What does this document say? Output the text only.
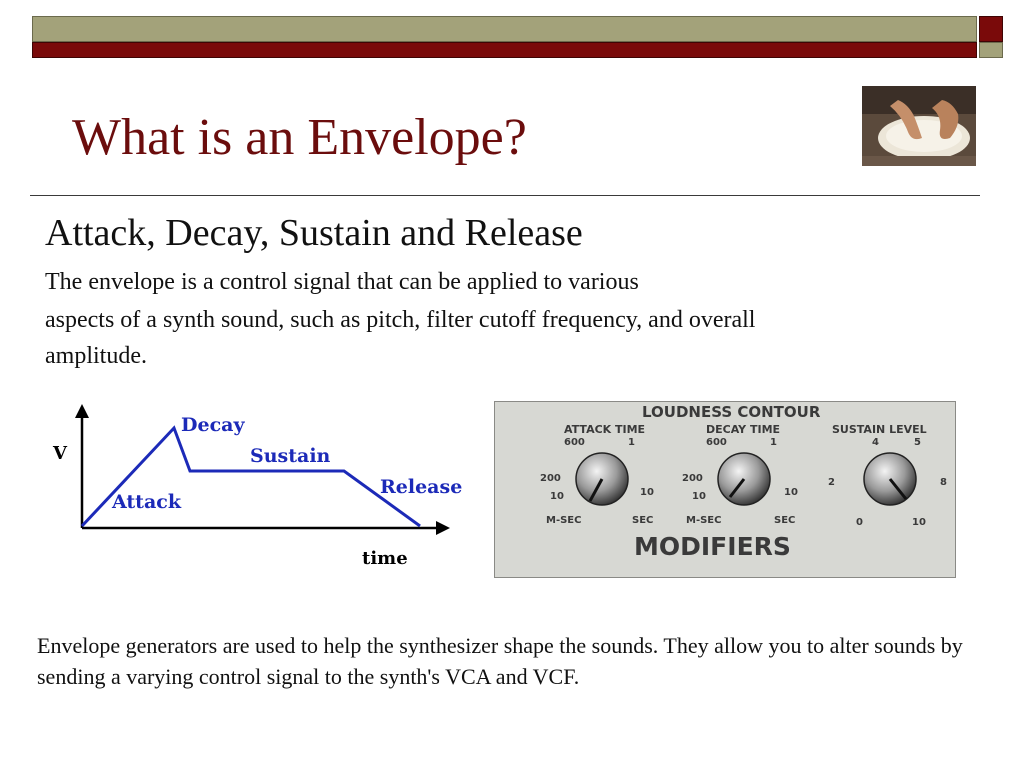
What is an Envelope?
Attack, Decay, Sustain and Release
The envelope is a control signal that can be applied to various
aspects of a synth sound, such as pitch, filter cutoff frequency, and overall
amplitude.
V
time
Attack
Decay
Sustain
Release
LOUDNESS CONTOUR
MODIFIERS
ATTACK TIME
600
200
10
1
10
M-SEC	SEC
DECAY TIME
600
200
10
1
10
M-SEC	SEC
SUSTAIN LEVEL
4	5
2	8
0	10
Envelope generators are used to help the synthesizer shape the sounds. They allow you to alter sounds by sending a varying control signal to the synth's VCA and VCF.
